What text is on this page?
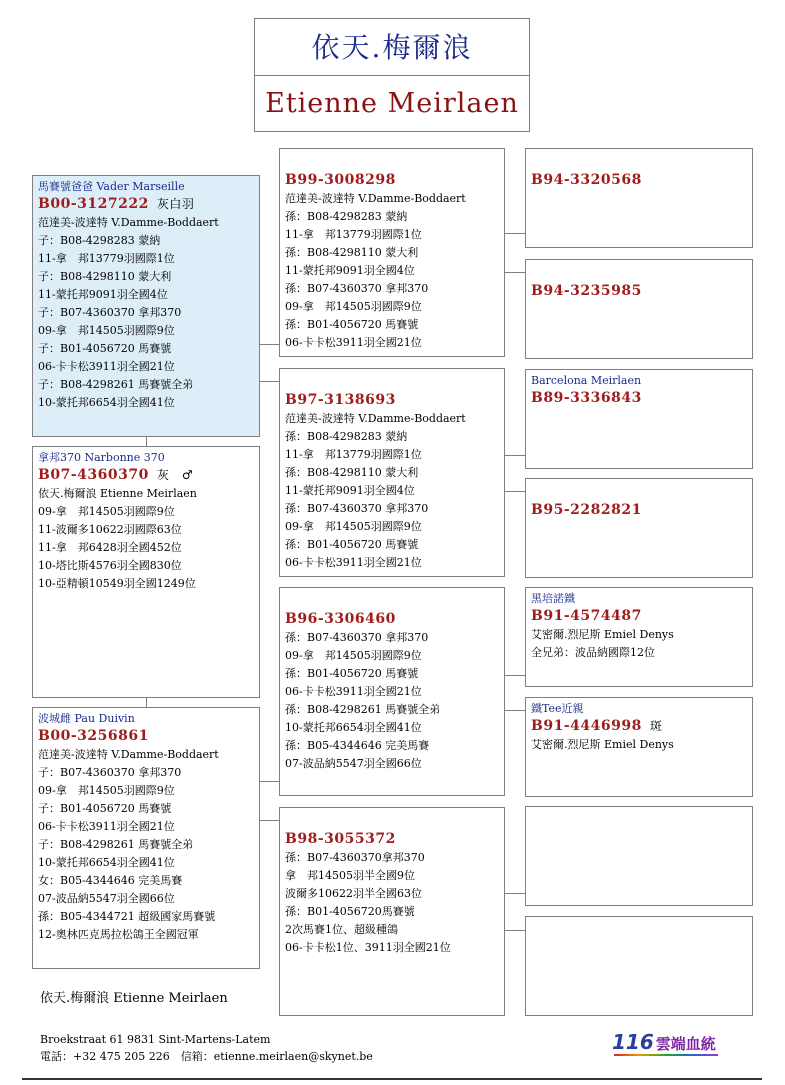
依天.梅爾浪
Etienne Meirlaen
馬賽號爸爸 Vader Marseille
B00-3127222 灰白羽
范達美-波達特 V.Damme-Boddaert
子：B08-4298283 蒙納
11-拿　邦13779羽國際1位
子：B08-4298110 蒙大利
11-蒙托邦9091羽全國4位
子：B07-4360370 拿邦370
09-拿　邦14505羽國際9位
子：B01-4056720 馬賽號
06-卡卡松3911羽全國21位
子：B08-4298261 馬賽號全弟
10-蒙托邦6654羽全國41位
拿邦370 Narbonne 370
B07-4360370 灰　♂
依天.梅爾浪 Etienne Meirlaen
09-拿　邦14505羽國際9位
11-波爾多10622羽國際63位
11-拿　邦6428羽全國452位
10-塔比斯4576羽全國830位
10-亞精頓10549羽全國1249位
波城雌 Pau Duivin
B00-3256861
范達美-波達特 V.Damme-Boddaert
子：B07-4360370 拿邦370
09-拿　邦14505羽國際9位
子：B01-4056720 馬賽號
06-卡卡松3911羽全國21位
子：B08-4298261 馬賽號全弟
10-蒙托邦6654羽全國41位
女：B05-4344646 完美馬賽
07-波品納5547羽全國66位
孫：B05-4344721 超級國家馬賽號
12-奧林匹克馬拉松鴿王全國冠軍
B99-3008298
范達美-波達特 V.Damme-Boddaert
孫：B08-4298283 蒙納
11-拿　邦13779羽國際1位
孫：B08-4298110 蒙大利
11-蒙托邦9091羽全國4位
孫：B07-4360370 拿邦370
09-拿　邦14505羽國際9位
孫：B01-4056720 馬賽號
06-卡卡松3911羽全國21位
B97-3138693
范達美-波達特 V.Damme-Boddaert
孫：B08-4298283 蒙納
11-拿　邦13779羽國際1位
孫：B08-4298110 蒙大利
11-蒙托邦9091羽全國4位
孫：B07-4360370 拿邦370
09-拿　邦14505羽國際9位
孫：B01-4056720 馬賽號
06-卡卡松3911羽全國21位
B96-3306460
孫：B07-4360370 拿邦370
09-拿　邦14505羽國際9位
孫：B01-4056720 馬賽號
06-卡卡松3911羽全國21位
孫：B08-4298261 馬賽號全弟
10-蒙托邦6654羽全國41位
孫：B05-4344646 完美馬賽
07-波品納5547羽全國66位
B98-3055372
孫：B07-4360370拿邦370
拿　邦14505羽半全國9位
波爾多10622羽半全國63位
孫：B01-4056720馬賽號
2次馬賽1位、超級種鴿
06-卡卡松1位、3911羽全國21位
B94-3320568
B94-3235985
Barcelona Meirlaen
B89-3336843
B95-2282821
黑培諾鐵
B91-4574487
艾密爾.烈尼斯 Emiel Denys
全兄弟：波品納國際12位
鐵Tee近親
B91-4446998 斑
艾密爾.烈尼斯 Emiel Denys
依天.梅爾浪 Etienne Meirlaen
Broekstraat 61 9831 Sint-Martens-Latem
電話：+32 475 205 226　信箱：etienne.meirlaen@skynet.be
116 雲端血統
